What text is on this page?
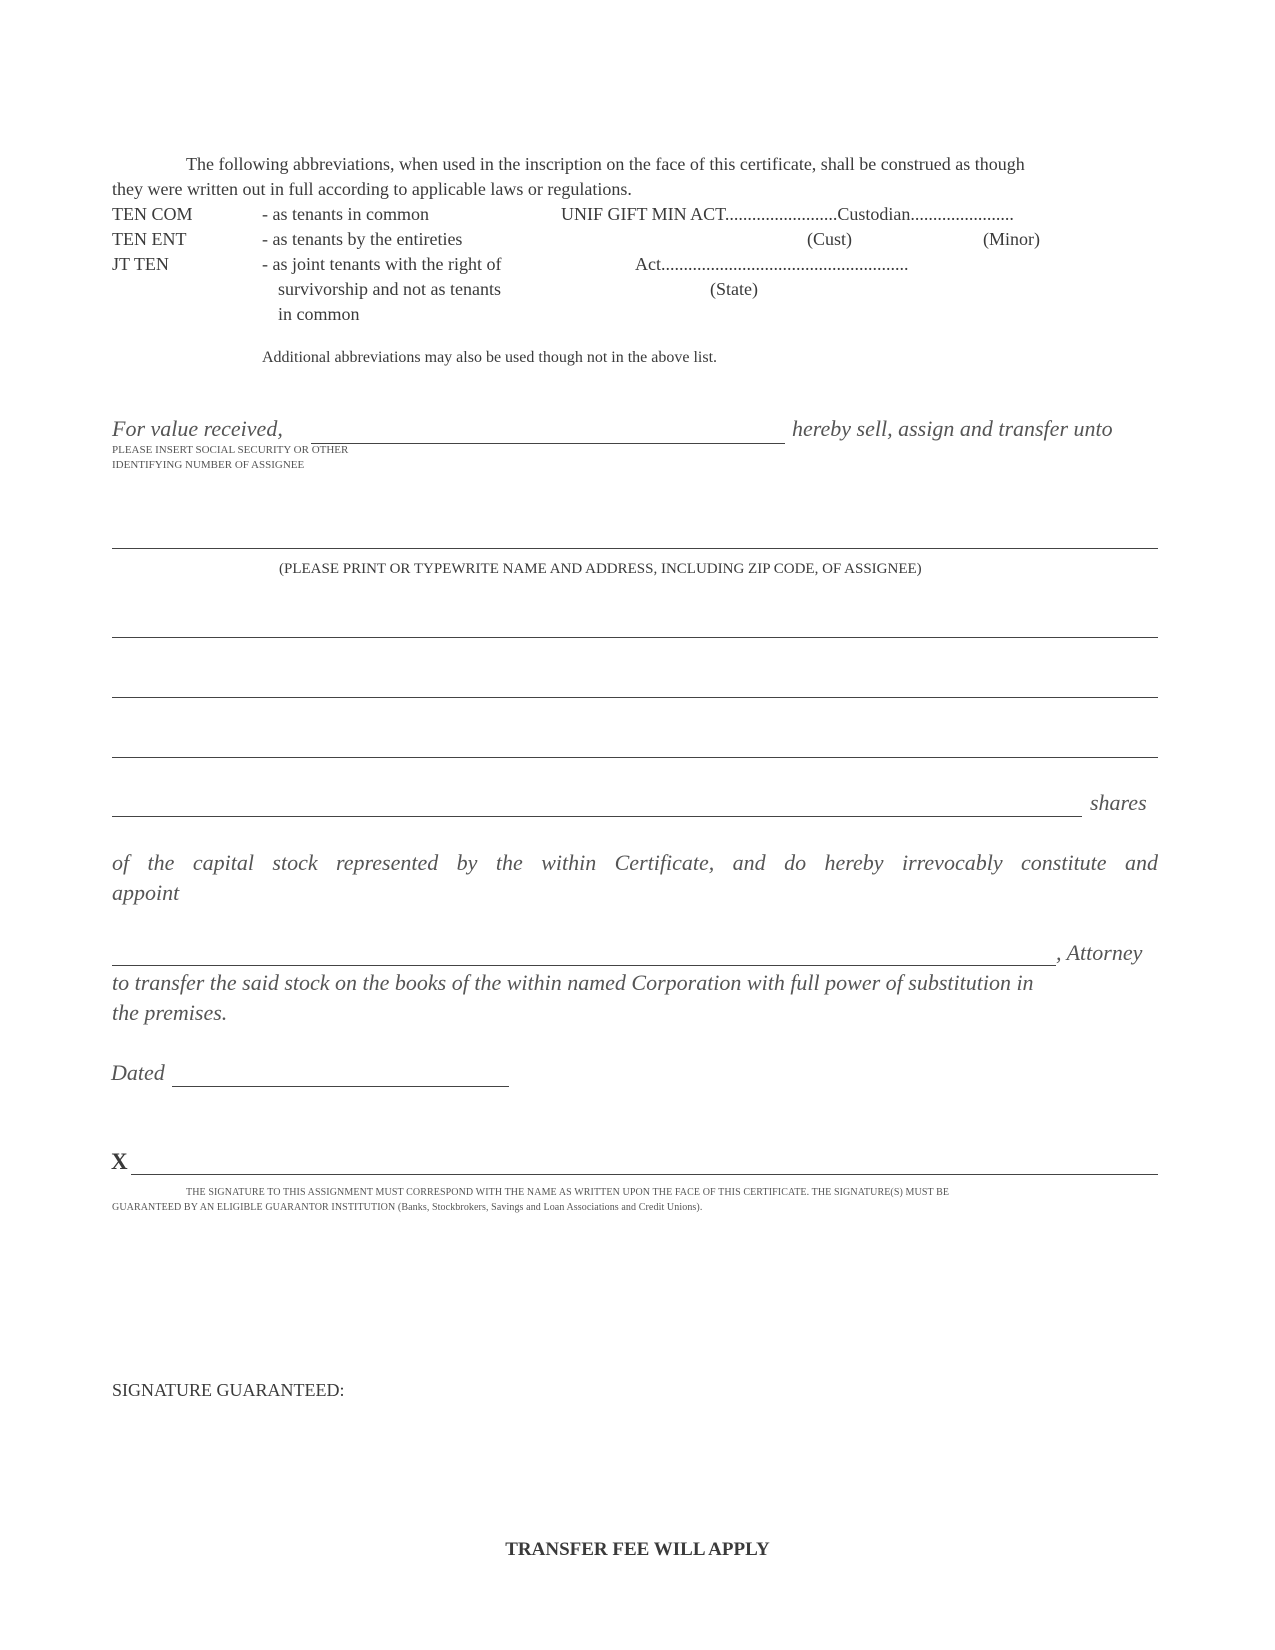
The following abbreviations, when used in the inscription on the face of this certificate, shall be construed as though
they were written out in full according to applicable laws or regulations.
TEN COM	- as tenants in common
TEN ENT	- as tenants by the entireties
JT TEN	- as joint tenants with the right of
survivorship and not as tenants
in common
UNIF GIFT MIN ACT.........................Custodian.......................
(Cust)	(Minor)
Act.......................................................
(State)
Additional abbreviations may also be used though not in the above list.
For value received,	hereby sell, assign and transfer unto
PLEASE INSERT SOCIAL SECURITY OR OTHER
IDENTIFYING NUMBER OF ASSIGNEE
(PLEASE PRINT OR TYPEWRITE NAME AND ADDRESS, INCLUDING ZIP CODE, OF ASSIGNEE)
shares
of the capital stock represented by the within Certificate, and do hereby irrevocably constitute and
appoint
, Attorney
to transfer the said stock on the books of the within named Corporation with full power of substitution in
the premises.
Dated
X
THE SIGNATURE TO THIS ASSIGNMENT MUST CORRESPOND WITH THE NAME AS WRITTEN UPON THE FACE OF THIS CERTIFICATE. THE SIGNATURE(S) MUST BE
GUARANTEED BY AN ELIGIBLE GUARANTOR INSTITUTION (Banks, Stockbrokers, Savings and Loan Associations and Credit Unions).
SIGNATURE GUARANTEED:
TRANSFER FEE WILL APPLY
